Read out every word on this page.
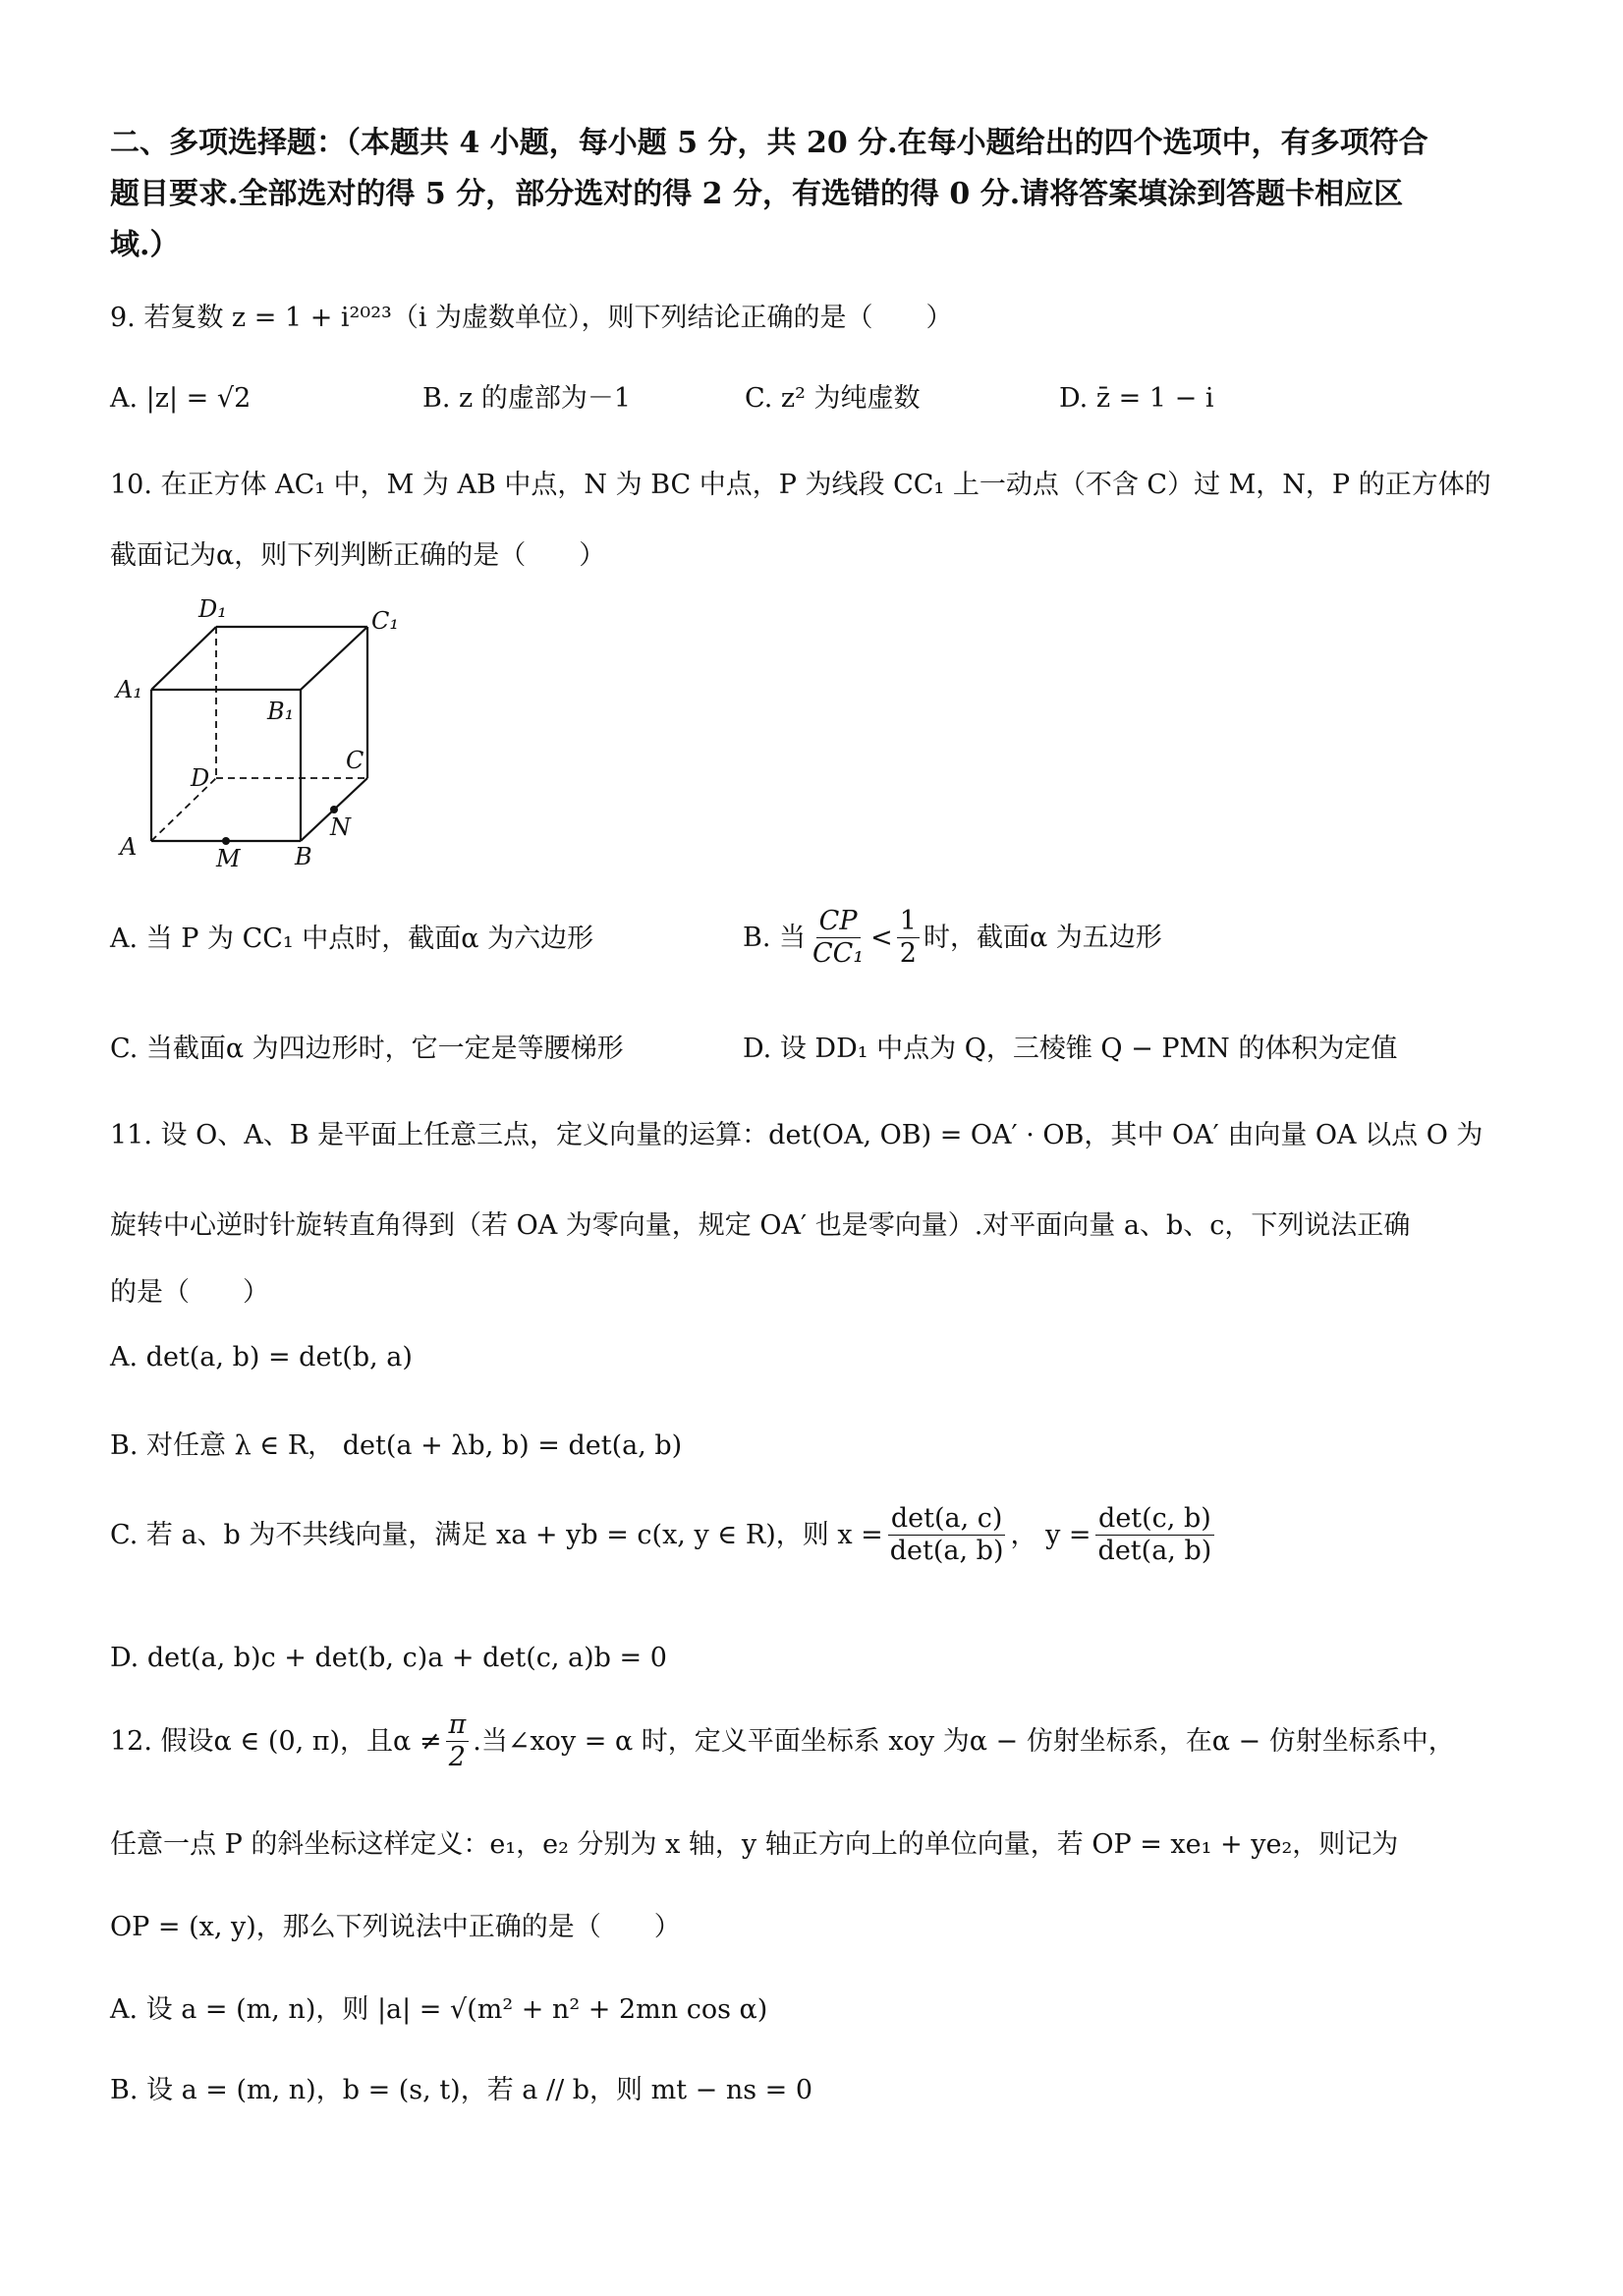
二、多项选择题：（本题共 4 小题，每小题 5 分，共 20 分.在每小题给出的四个选项中，有多项符合
题目要求.全部选对的得 5 分，部分选对的得 2 分，有选错的得 0 分.请将答案填涂到答题卡相应区
域.）
9. 若复数 z = 1 + i²⁰²³（i 为虚数单位），则下列结论正确的是（　　）
A. |z| = √2	B. z 的虚部为－1	C. z² 为纯虚数	D. z̄ = 1 − i
10. 在正方体 AC₁ 中，M 为 AB 中点，N 为 BC 中点，P 为线段 CC₁ 上一动点（不含 C）过 M，N，P 的正方体的
截面记为α，则下列判断正确的是（　　）
D₁	C₁
A₁
B₁
D
C
A	B
M
N
A. 当 P 为 CC₁ 中点时，截面α 为六边形	B. 当 $\frac{CP}{\text{CC₁}} < \frac{1}{2}$ 时，截面α 为五边形
C. 当截面α 为四边形时，它一定是等腰梯形	D. 设 DD₁ 中点为 Q，三棱锥 Q − PMN 的体积为定值
11. 设 O、A、B 是平面上任意三点，定义向量的运算：det(OA, OB) = OA′ · OB，其中 OA′ 由向量 OA 以点 O 为
旋转中心逆时针旋转直角得到（若 OA 为零向量，规定 OA′ 也是零向量）.对平面向量 a、b、c，下列说法正确
的是（　　）
A. det(a, b) = det(b, a)
B. 对任意 λ ∈ R， det(a + λb, b) = det(a, b)
C. 若 a、b 为不共线向量，满足 xa + yb = c(x, y ∈ R)，则 $x = \frac{\det(a, c)}{\det(a, b)}$ ， $y = \frac{\det(c, b)}{\det(a, b)}$
D. det(a, b)c + det(b, c)a + det(c, a)b = 0
12. 假设α ∈ (0, π)，且$\alpha \ne \frac{\pi}{2}$ .当∠xoy = α 时，定义平面坐标系 xoy 为α − 仿射坐标系，在α − 仿射坐标系中，
任意一点 P 的斜坐标这样定义：e₁，e₂ 分别为 x 轴，y 轴正方向上的单位向量，若 OP = xe₁ + ye₂，则记为
OP = (x, y)，那么下列说法中正确的是（　　）
A. 设 a = (m, n)，则 |a| = √(m² + n² + 2mn cos α)
B. 设 a = (m, n)，b = (s, t)，若 a // b，则 mt − ns = 0
